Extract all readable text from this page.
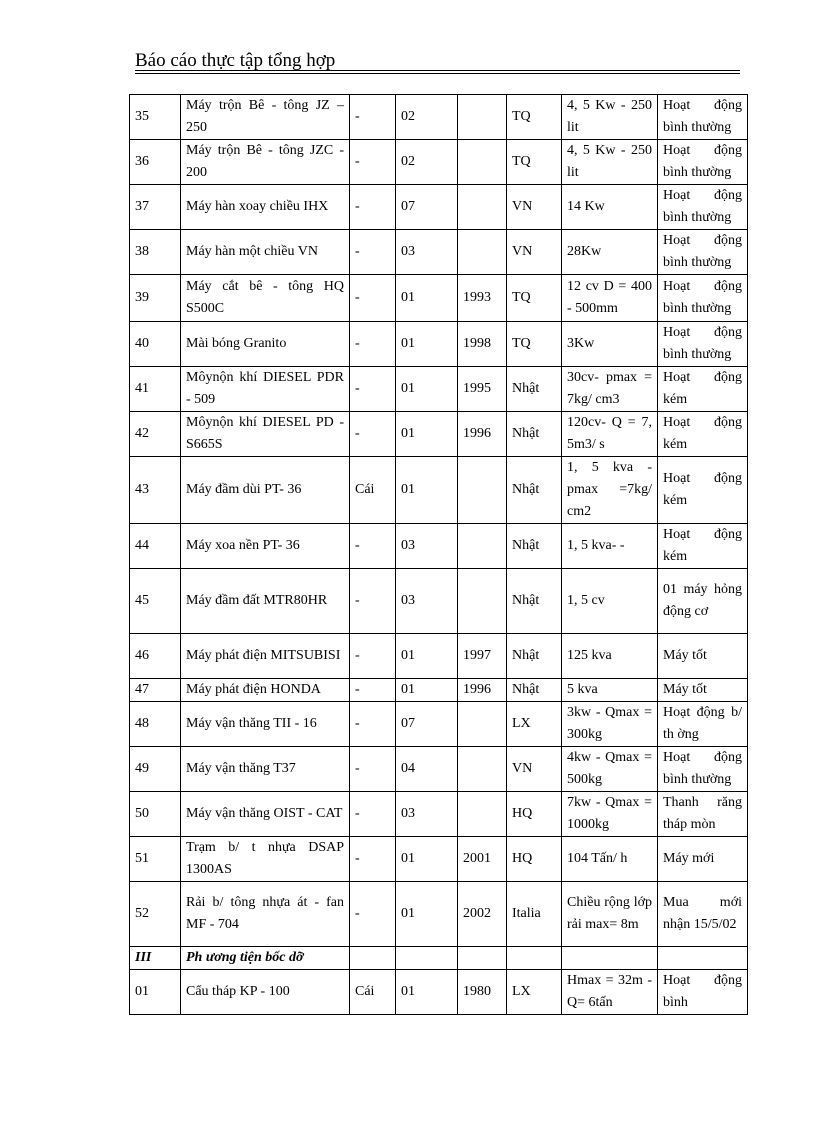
Báo cáo thực tập tổng hợp
35	Máy trộn Bê - tông JZ – 250	-	02		TQ	4, 5 Kw - 250 lit	Hoạt động bình thường
36	Máy trộn Bê - tông JZC - 200	-	02		TQ	4, 5 Kw - 250 lit	Hoạt động bình thường
37	Máy hàn xoay chiều IHX	-	07		VN	14 Kw	Hoạt động bình thường
38	Máy hàn một chiều VN	-	03		VN	28Kw	Hoạt động bình thường
39	Máy cắt bê - tông HQ S500C	-	01	1993	TQ	12 cv D = 400 - 500mm	Hoạt động bình thường
40	Mài bóng Granito	-	01	1998	TQ	3Kw	Hoạt động bình thường
41	Môynộn khí DIESEL PDR - 509	-	01	1995	Nhật	30cv- pmax = 7kg/ cm3	Hoạt động kém
42	Môynộn khí DIESEL PD - S665S	-	01	1996	Nhật	120cv- Q = 7, 5m3/ s	Hoạt động kém
43	Máy đầm dùi PT- 36	Cái	01		Nhật	1, 5 kva - pmax =7kg/ cm2	Hoạt động kém
44	Máy xoa nền PT- 36	-	03		Nhật	1, 5 kva- -	Hoạt động kém
45	Máy đầm đất MTR80HR	-	03		Nhật	1, 5 cv	01 máy hỏng động cơ
46	Máy phát điện MITSUBISI	-	01	1997	Nhật	125 kva	Máy tốt
47	Máy phát điện HONDA	-	01	1996	Nhật	5 kva	Máy tốt
48	Máy vận thăng TII - 16	-	07		LX	3kw - Qmax = 300kg	Hoạt động b/ th ờng
49	Máy vận thăng T37	-	04		VN	4kw - Qmax = 500kg	Hoạt động bình thường
50	Máy vận thăng OIST - CAT	-	03		HQ	7kw - Qmax = 1000kg	Thanh răng tháp mòn
51	Trạm b/ t nhựa DSAP 1300AS	-	01	2001	HQ	104 Tấn/ h	Máy mới
52	Rải b/ tông nhựa át - fan MF - 704	-	01	2002	Italia	Chiều rộng lớp rải max= 8m	Mua mới nhận 15/5/02
III	Ph ương tiện bốc dỡ						
01	Cẩu tháp KP - 100	Cái	01	1980	LX	Hmax = 32m - Q= 6tấn	Hoạt động bình
